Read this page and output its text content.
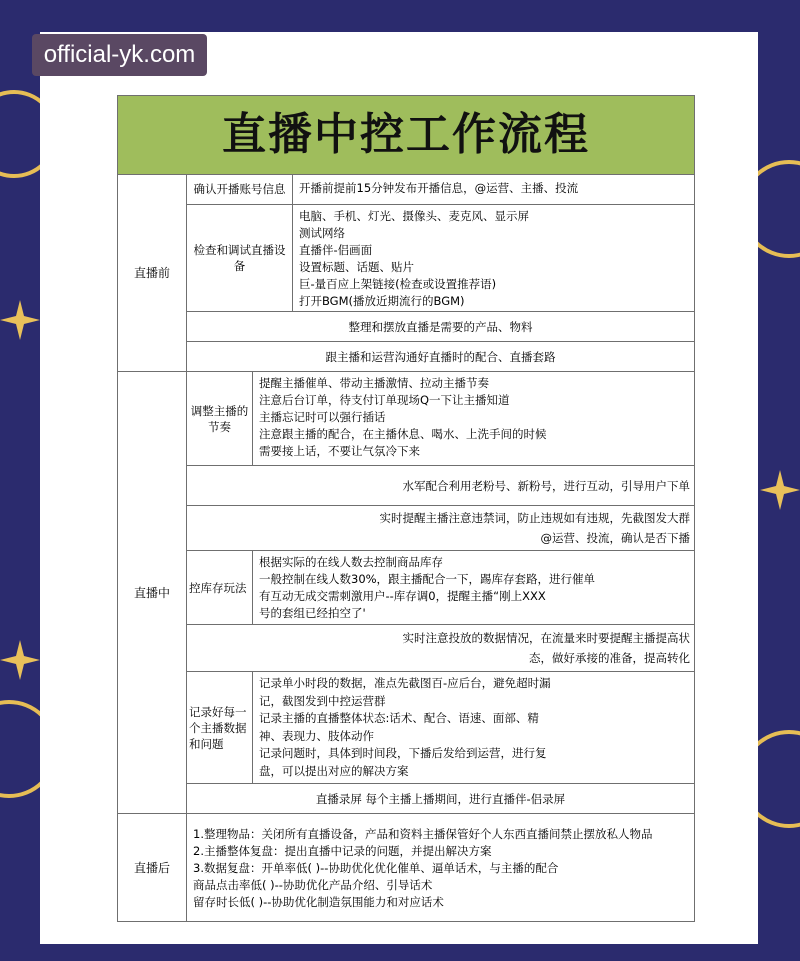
official-yk.com
直播中控工作流程
直播前
确认开播账号信息	开播前提前15分钟发布开播信息，@运营、主播、投流
检查和调试直播设备
电脑、手机、灯光、摄像头、麦克风、显示屏
测试网络
直播伴-侣画面
设置标题、话题、贴片
巨-量百应上架链接(检查或设置推荐语)
打开BGM(播放近期流行的BGM)
整理和摆放直播是需要的产品、物料
跟主播和运营沟通好直播时的配合、直播套路
直播中
调整主播的节奏
提醒主播催单、带动主播激情、拉动主播节奏
注意后台订单，待支付订单现场Q一下让主播知道
主播忘记时可以强行插话
注意跟主播的配合，在主播休息、喝水、上洗手间的时候
需要接上话，不要让气氛冷下来
水军配合利用老粉号、新粉号，进行互动，引导用户下单
实时提醒主播注意违禁词，防止违规如有违规，先截图发大群
@运营、投流，确认是否下播
控库存玩法
根据实际的在线人数去控制商品库存
一般控制在线人数30%，跟主播配合一下，踢库存套路，进行催单
有互动无成交需刺激用户--库存调0，提醒主播“刚上XXX
号的套组已经拍空了'
实时注意投放的数据情况，在流量来时要提醒主播提高状
态，做好承接的准备，提高转化
记录好每一个主播数据和问题
记录单小时段的数据，准点先截图百-应后台，避免超时漏
记，截图发到中控运营群
记录主播的直播整体状态:话术、配合、语速、面部、精
神、表现力、肢体动作
记录问题时，具体到时间段，下播后发给到运营，进行复
盘，可以提出对应的解决方案
直播录屏 每个主播上播期间，进行直播伴-侣录屏
直播后
1.整理物品：关闭所有直播设备，产品和资料主播保管好个人东西直播间禁止摆放私人物品
2.主播整体复盘：提出直播中记录的问题，并提出解决方案
3.数据复盘：开单率低( )--协助优化优化催单、逼单话术，与主播的配合
商品点击率低( )--协助优化产品介绍、引导话术
留存时长低( )--协助优化制造氛围能力和对应话术
